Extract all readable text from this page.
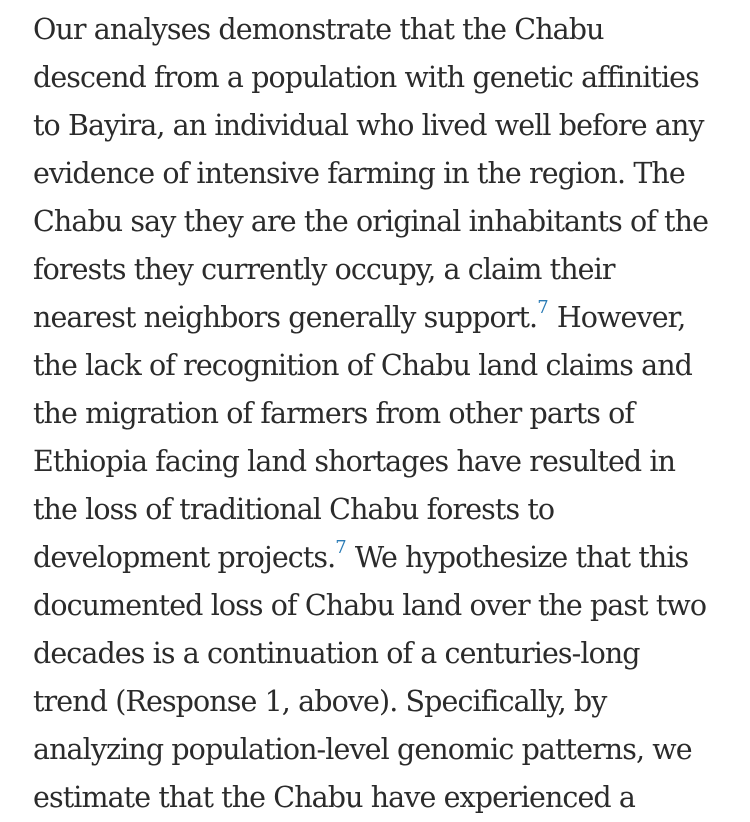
Our analyses demonstrate that the Chabu
descend from a population with genetic affinities
to Bayira, an individual who lived well before any
evidence of intensive farming in the region. The
Chabu say they are the original inhabitants of the
forests they currently occupy, a claim their
nearest neighbors generally support.$^7$ However,
the lack of recognition of Chabu land claims and
the migration of farmers from other parts of
Ethiopia facing land shortages have resulted in
the loss of traditional Chabu forests to
development projects.$^7$ We hypothesize that this
documented loss of Chabu land over the past two
decades is a continuation of a centuries-long
trend (Response 1, above). Specifically, by
analyzing population-level genomic patterns, we
estimate that the Chabu have experienced a
